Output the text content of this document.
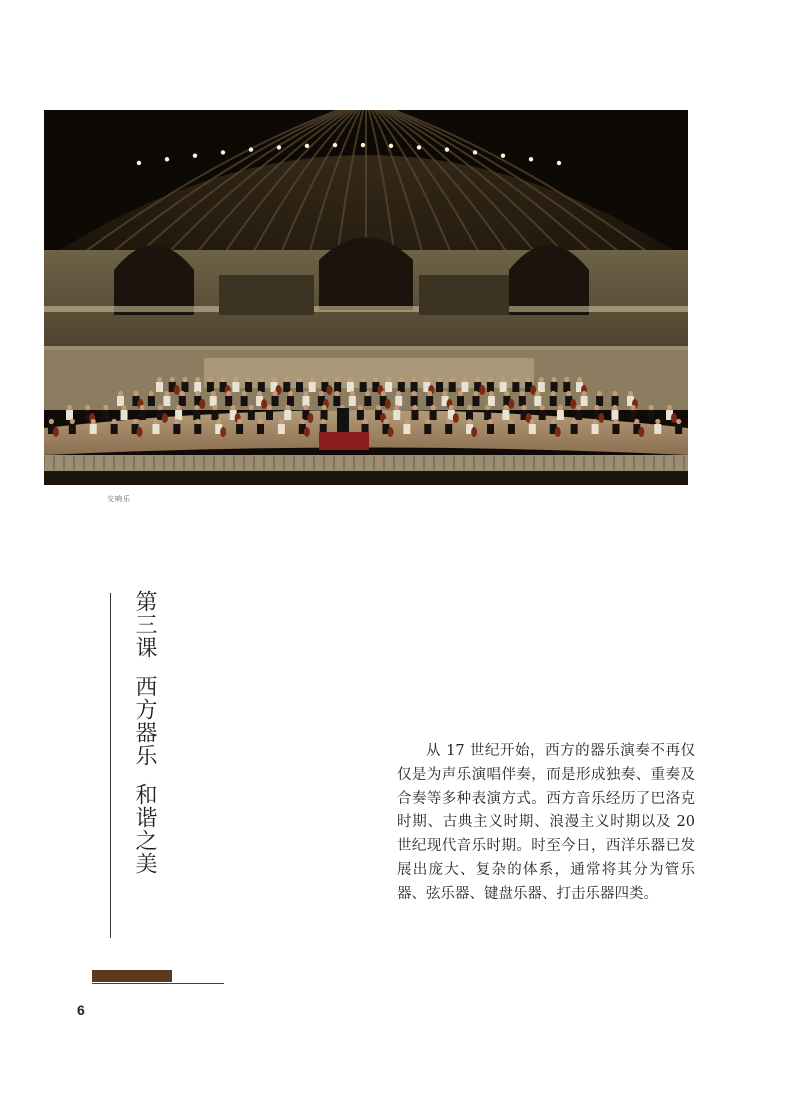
交响乐
第三课西方器乐和谐之美

从 17 世纪开始，西方的器乐演奏不再仅仅是为声乐演唱伴奏，而是形成独奏、重奏及合奏等多种表演方式。西方音乐经历了巴洛克时期、古典主义时期、浪漫主义时期以及 20 世纪现代音乐时期。时至今日，西洋乐器已发展出庞大、复杂的体系，通常将其分为管乐器、弦乐器、键盘乐器、打击乐器四类。

6
